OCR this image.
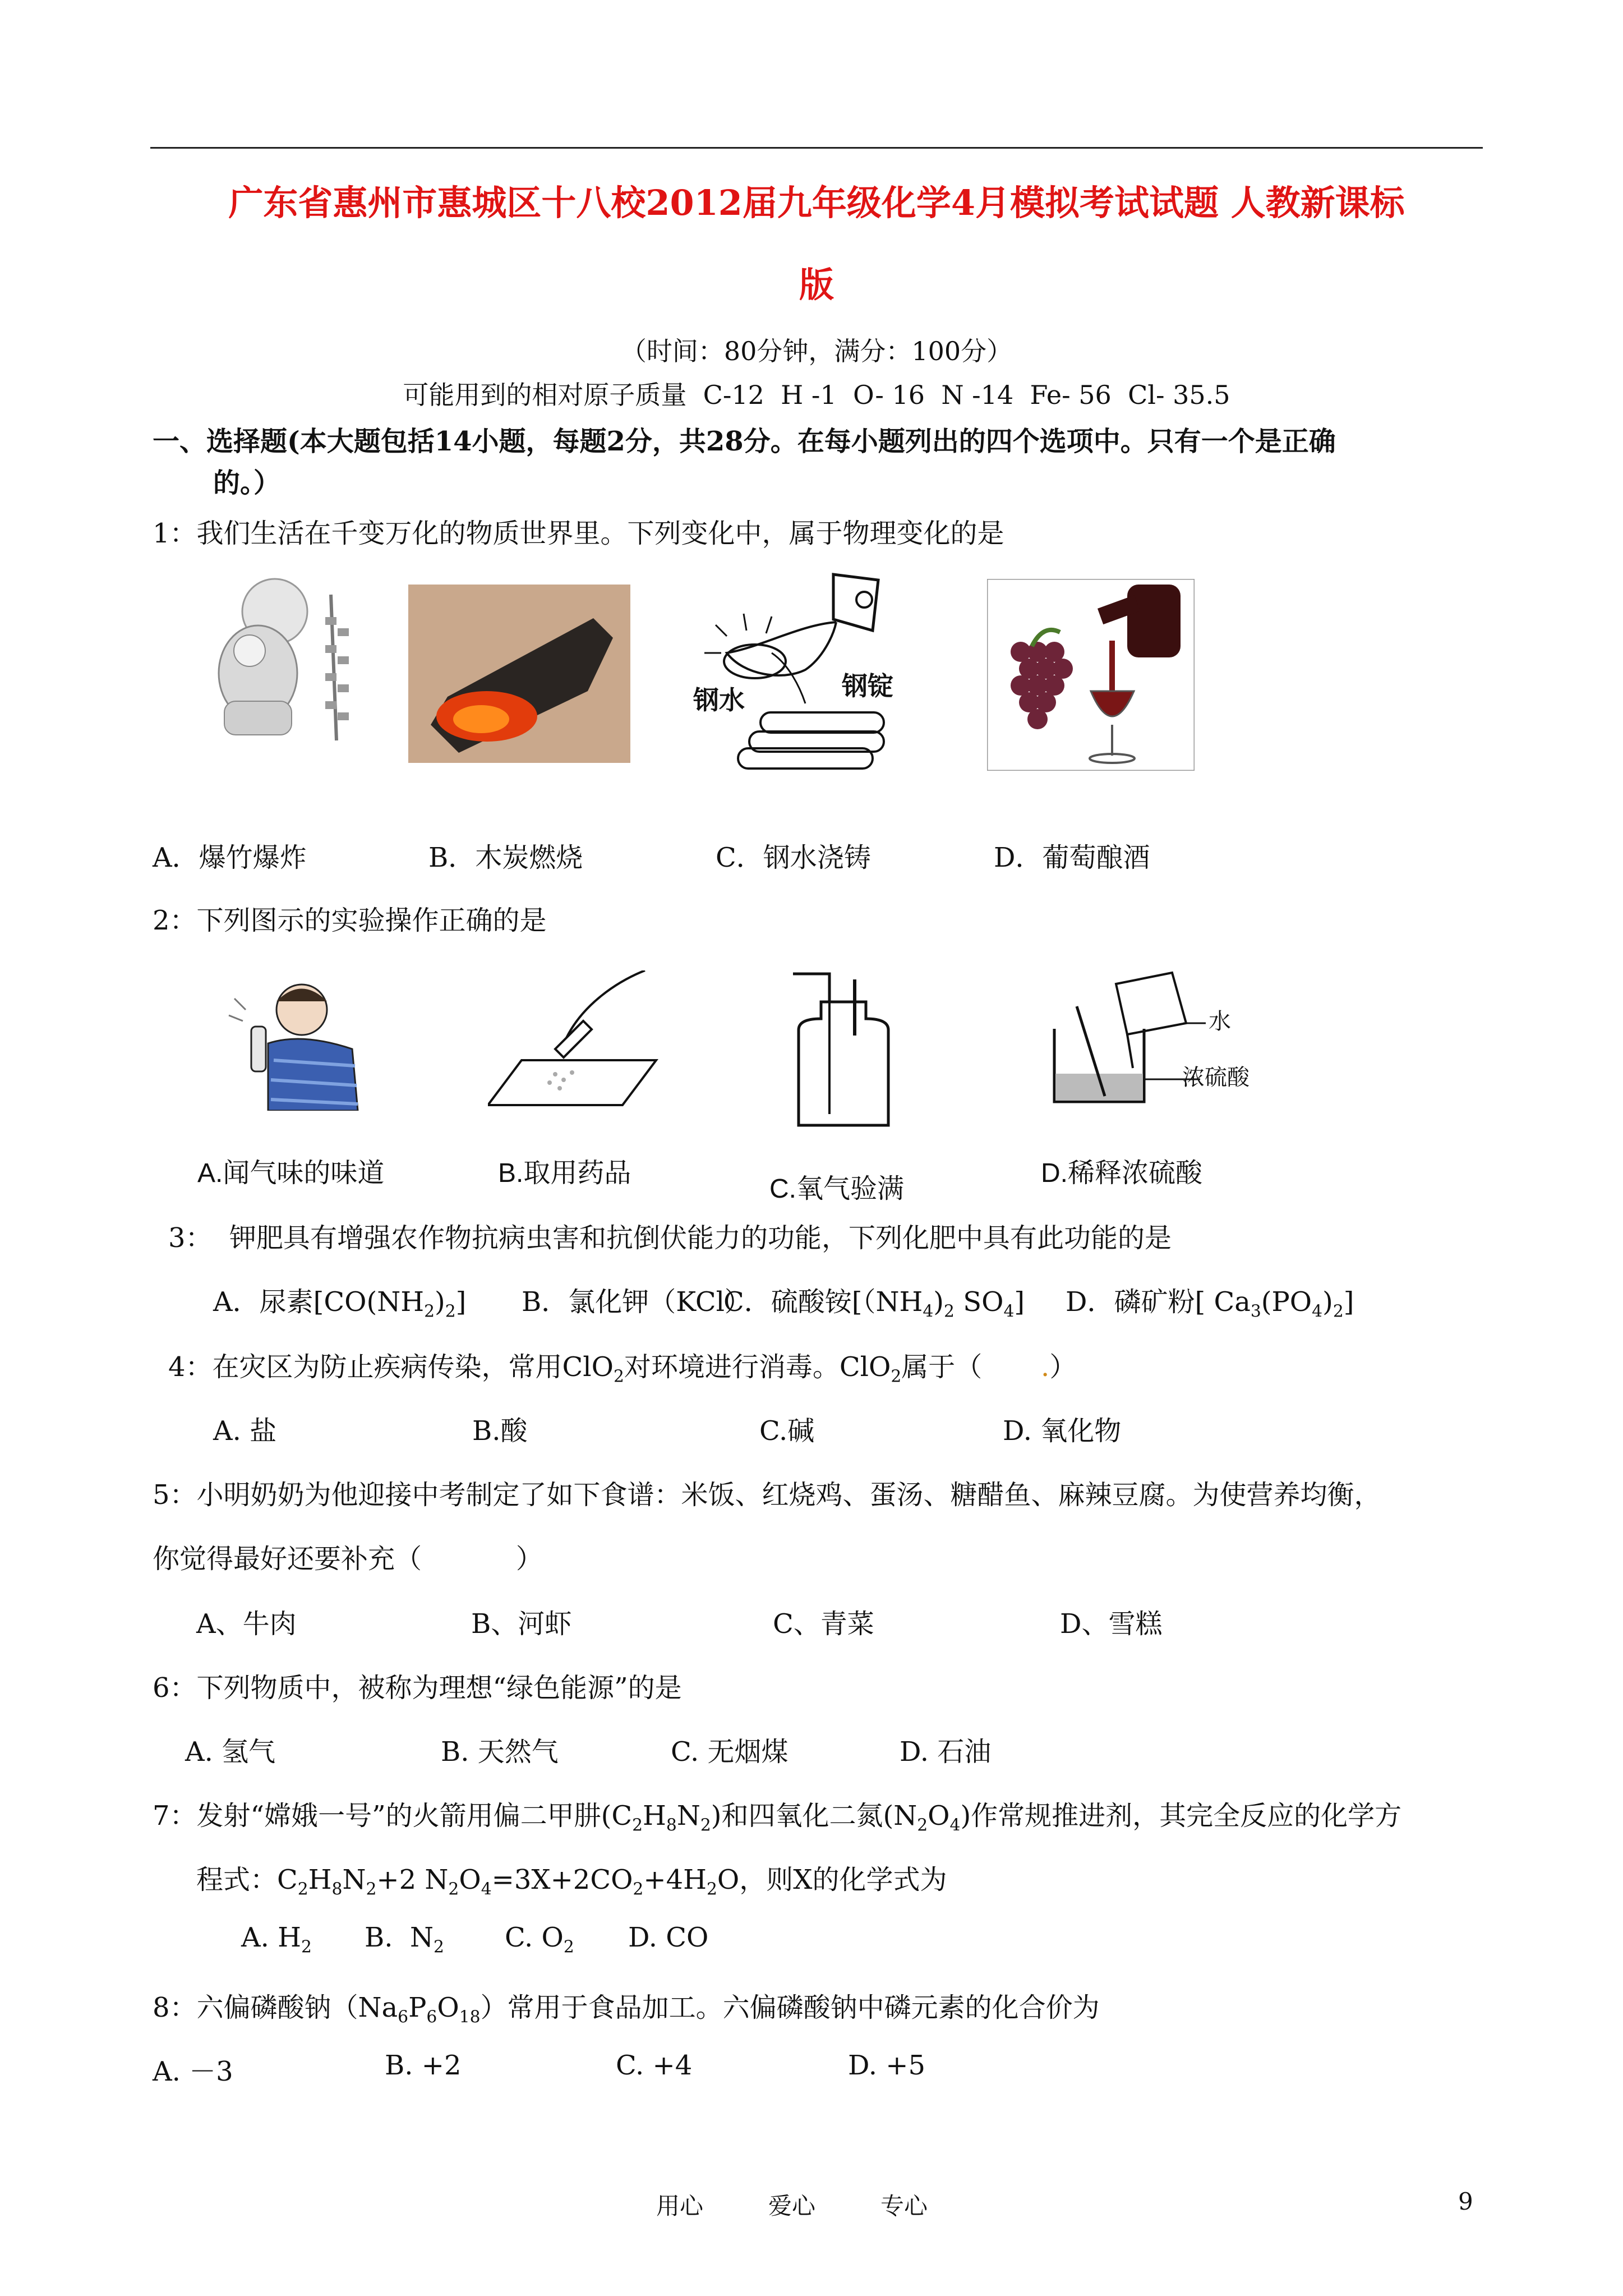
广东省惠州市惠城区十八校2012届九年级化学4月模拟考试试题 人教新课标
版
（时间：80分钟，满分：100分）
可能用到的相对原子质量  C-12  H -1  O- 16  N -14  Fe- 56  Cl- 35.5
一、选择题(本大题包括14小题，每题2分，共28分。在每小题列出的四个选项中。只有一个是正确
的。）
1：我们生活在千变万化的物质世界里。下列变化中，属于物理变化的是
钢水	钢锭
A．爆竹爆炸	B．木炭燃烧	C．钢水浇铸	D．葡萄酿酒
2：下列图示的实验操作正确的是
水
浓硫酸
A.闻气味的味道	B.取用药品
C.氧气验满
D.稀释浓硫酸
3：  钾肥具有增强农作物抗病虫害和抗倒伏能力的功能，下列化肥中具有此功能的是
A．尿素$[CO(NH_2)_2]$ B．氯化钾（KCl）
C．硫酸铵[$(NH_4)_2$ $SO_4$] D．磷矿粉[ $Ca_3(PO_4)_2$]
4：在灾区为防止疾病传染，常用ClO$_2$对环境进行消毒。ClO$_2$属于（ .）
A. 盐	B.酸	C.碱	D. 氧化物
5：小明奶奶为他迎接中考制定了如下食谱：米饭、红烧鸡、蛋汤、糖醋鱼、麻辣豆腐。为使营养均衡，
你觉得最好还要补充（           ）
A、牛肉	B、河虾	C、青菜	D、雪糕
6：下列物质中，被称为理想“绿色能源”的是
A. 氢气	B. 天然气	C. 无烟煤	D. 石油
7：发射“嫦娥一号”的火箭用偏二甲肼$(C_2H_8N_2)$和四氧化二氮$(N_2O_4)$作常规推进剂，其完全反应的化学方
程式：$C_2H_8N_2+2$ $N_2O_4=3X+2CO_2+4H_2O$，则X的化学式为
A. $H_2$ B.  $N_2$ C. $O_2$ D. CO
8：六偏磷酸钠$(Na_6P_6O_{18})$常用于食品加工。六偏磷酸钠中磷元素的化合价为
A. －3	B. +2	C. +4	D. +5
用心	爱心	专心	9
